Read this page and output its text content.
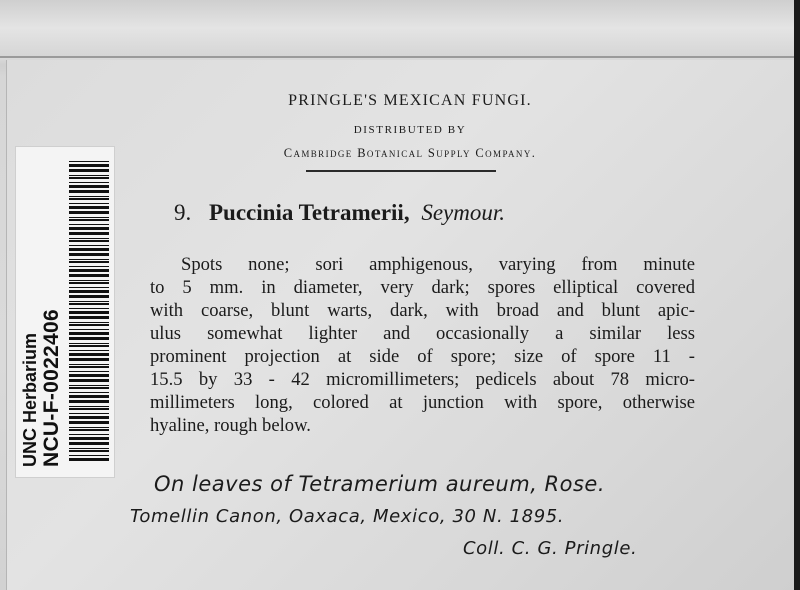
UNC Herbarium NCU-F-0022406
PRINGLE'S MEXICAN FUNGI.
DISTRIBUTED BY
Cambridge Botanical Supply Company.
9. Puccinia Tetramerii, Seymour.
Spots none; sori amphigenous, varying from minute
to 5 mm. in diameter, very dark; spores elliptical covered
with coarse, blunt warts, dark, with broad and blunt apic-
ulus somewhat lighter and occasionally a similar less
prominent projection at side of spore; size of spore 11 -
15.5 by 33 - 42 micromillimeters; pedicels about 78 micro-
millimeters long, colored at junction with spore, otherwise
hyaline, rough below.
On leaves of Tetramerium aureum, Rose.
Tomellin Canon, Oaxaca, Mexico, 30 N. 1895.
Coll. C. G. Pringle.
